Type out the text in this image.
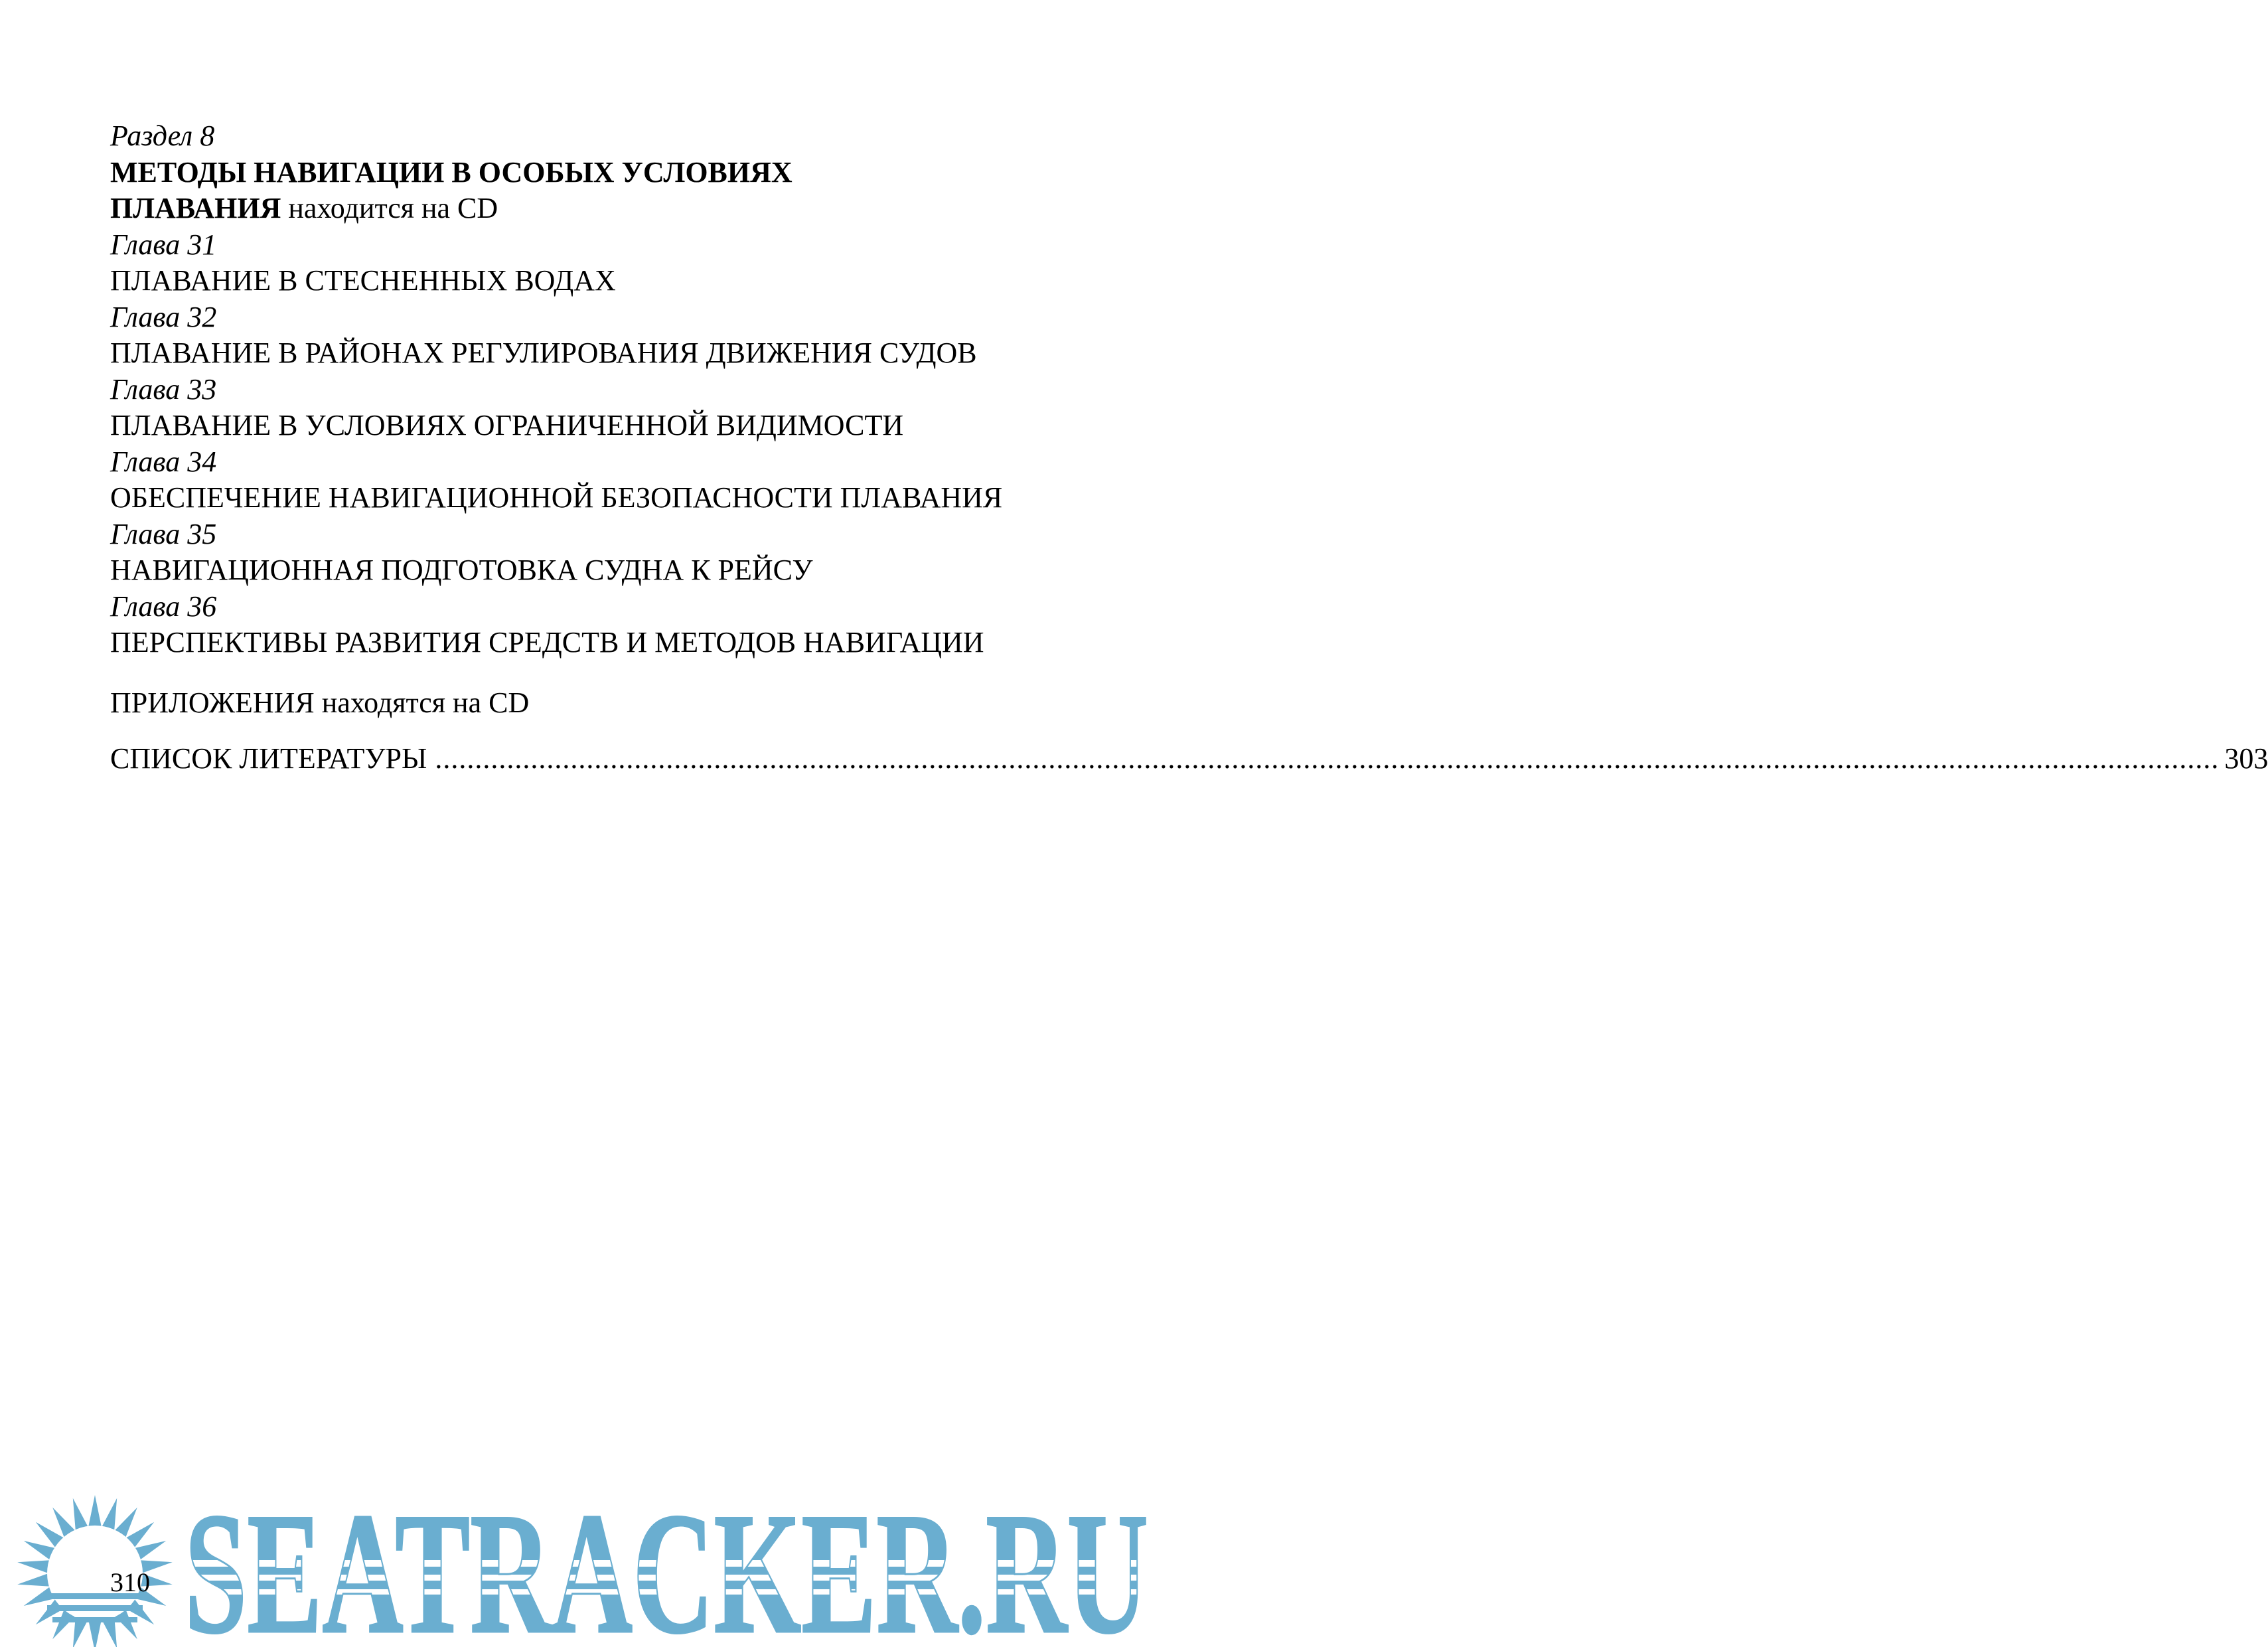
Раздел 8
МЕТОДЫ НАВИГАЦИИ В ОСОБЫХ УСЛОВИЯХ
ПЛАВАНИЯ находится на CD
Глава 31
ПЛАВАНИЕ В СТЕСНЕННЫХ ВОДАХ
Глава 32
ПЛАВАНИЕ В РАЙОНАХ РЕГУЛИРОВАНИЯ ДВИЖЕНИЯ СУДОВ
Глава 33
ПЛАВАНИЕ В УСЛОВИЯХ ОГРАНИЧЕННОЙ ВИДИМОСТИ
Глава 34
ОБЕСПЕЧЕНИЕ НАВИГАЦИОННОЙ БЕЗОПАСНОСТИ ПЛАВАНИЯ
Глава 35
НАВИГАЦИОННАЯ ПОДГОТОВКА СУДНА К РЕЙСУ
Глава 36
ПЕРСПЕКТИВЫ РАЗВИТИЯ СРЕДСТВ И МЕТОДОВ НАВИГАЦИИ
ПРИЛОЖЕНИЯ находятся на CD
СПИСОК ЛИТЕРАТУРЫ
.....	303
SEATRACKER.RU
310
